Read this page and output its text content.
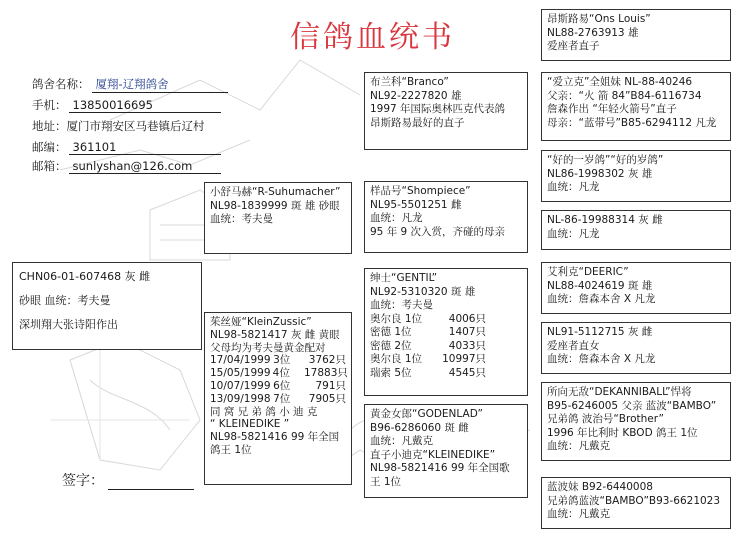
信鸽血统书
鸽舍名称： 厦翔-辽翔鸽舍
手机： 13850016695
地址：厦门市翔安区马巷镇后辽村
邮编： 361101
邮箱： sunlyshan@126.com
CHN06-01-607468 灰 雌
砂眼 血统：考夫曼
深圳翔大张诗阳作出
签字：
小舒马赫“R-Suhumacher”
NL98-1839999 斑 雄 砂眼
血统：考夫曼
茱丝娅“KleinZussic”
NL98-5821417 灰 雌 黄眼
父母均为考夫曼黄金配对
17/04/1999 3位	3762只
15/05/1999 4位	17883只
10/07/1999 6位	791只
13/09/1998 7位	7905只
同 窝 兄 弟 鸽 小 迪 克
“ KLEINEDIKE ”
NL98-5821416 99 年全国
鸽王 1位
布兰科“Branco”
NL92-2227820 雄
1997 年国际奥林匹克代表鸽
昂斯路易最好的直子
样品号“Shompiece”
NL95-5501251 雌
血统：凡龙
95 年 9 次入赏，齐碰的母亲
绅士“GENTIL”
NL92-5310320 斑 雄
血统：考夫曼
奥尔良 1位	4006只
密德 1位	1407只
密德 2位	4033只
奥尔良 1位	10997只
瑞索 5位	4545只
黄金女郎“GODENLAD”
B96-6286060 斑 雌
血统：凡戴克
直子小迪克“KLEINEDIKE”
NL98-5821416 99 年全国歌
王 1位
昂斯路易“Ons Louis”
NL88-2763913 雄
爱座者直子
“爱立克”全姐妹 NL-88-40246
父亲：“火 箭 84”B84-6116734
詹森作出 “年轻火箭号”直子
母亲：“蓝带号”B85-6294112 凡龙
“好的一岁鸽”“好的岁鸽”
NL86-1998302 灰 雄
血统：凡龙
NL-86-19988314 灰 雌
血统：凡龙
艾利克“DEERIC”
NL88-4024619 斑 雄
血统：詹森本舍 X 凡龙
NL91-5112715 灰 雌
爱座者直女
血统：詹森本舍 X 凡龙
所向无敌“DEKANNIBALL”悍将
B95-6246005 父亲 蓝波“BAMBO”
兄弟鸽 波治号“Brother”
1996 年比利时 KBOD 鸽王 1位
血统：凡戴克
蓝波妹 B92-6440008
兄弟鸽蓝波“BAMBO”B93-6621023
血统：凡戴克
